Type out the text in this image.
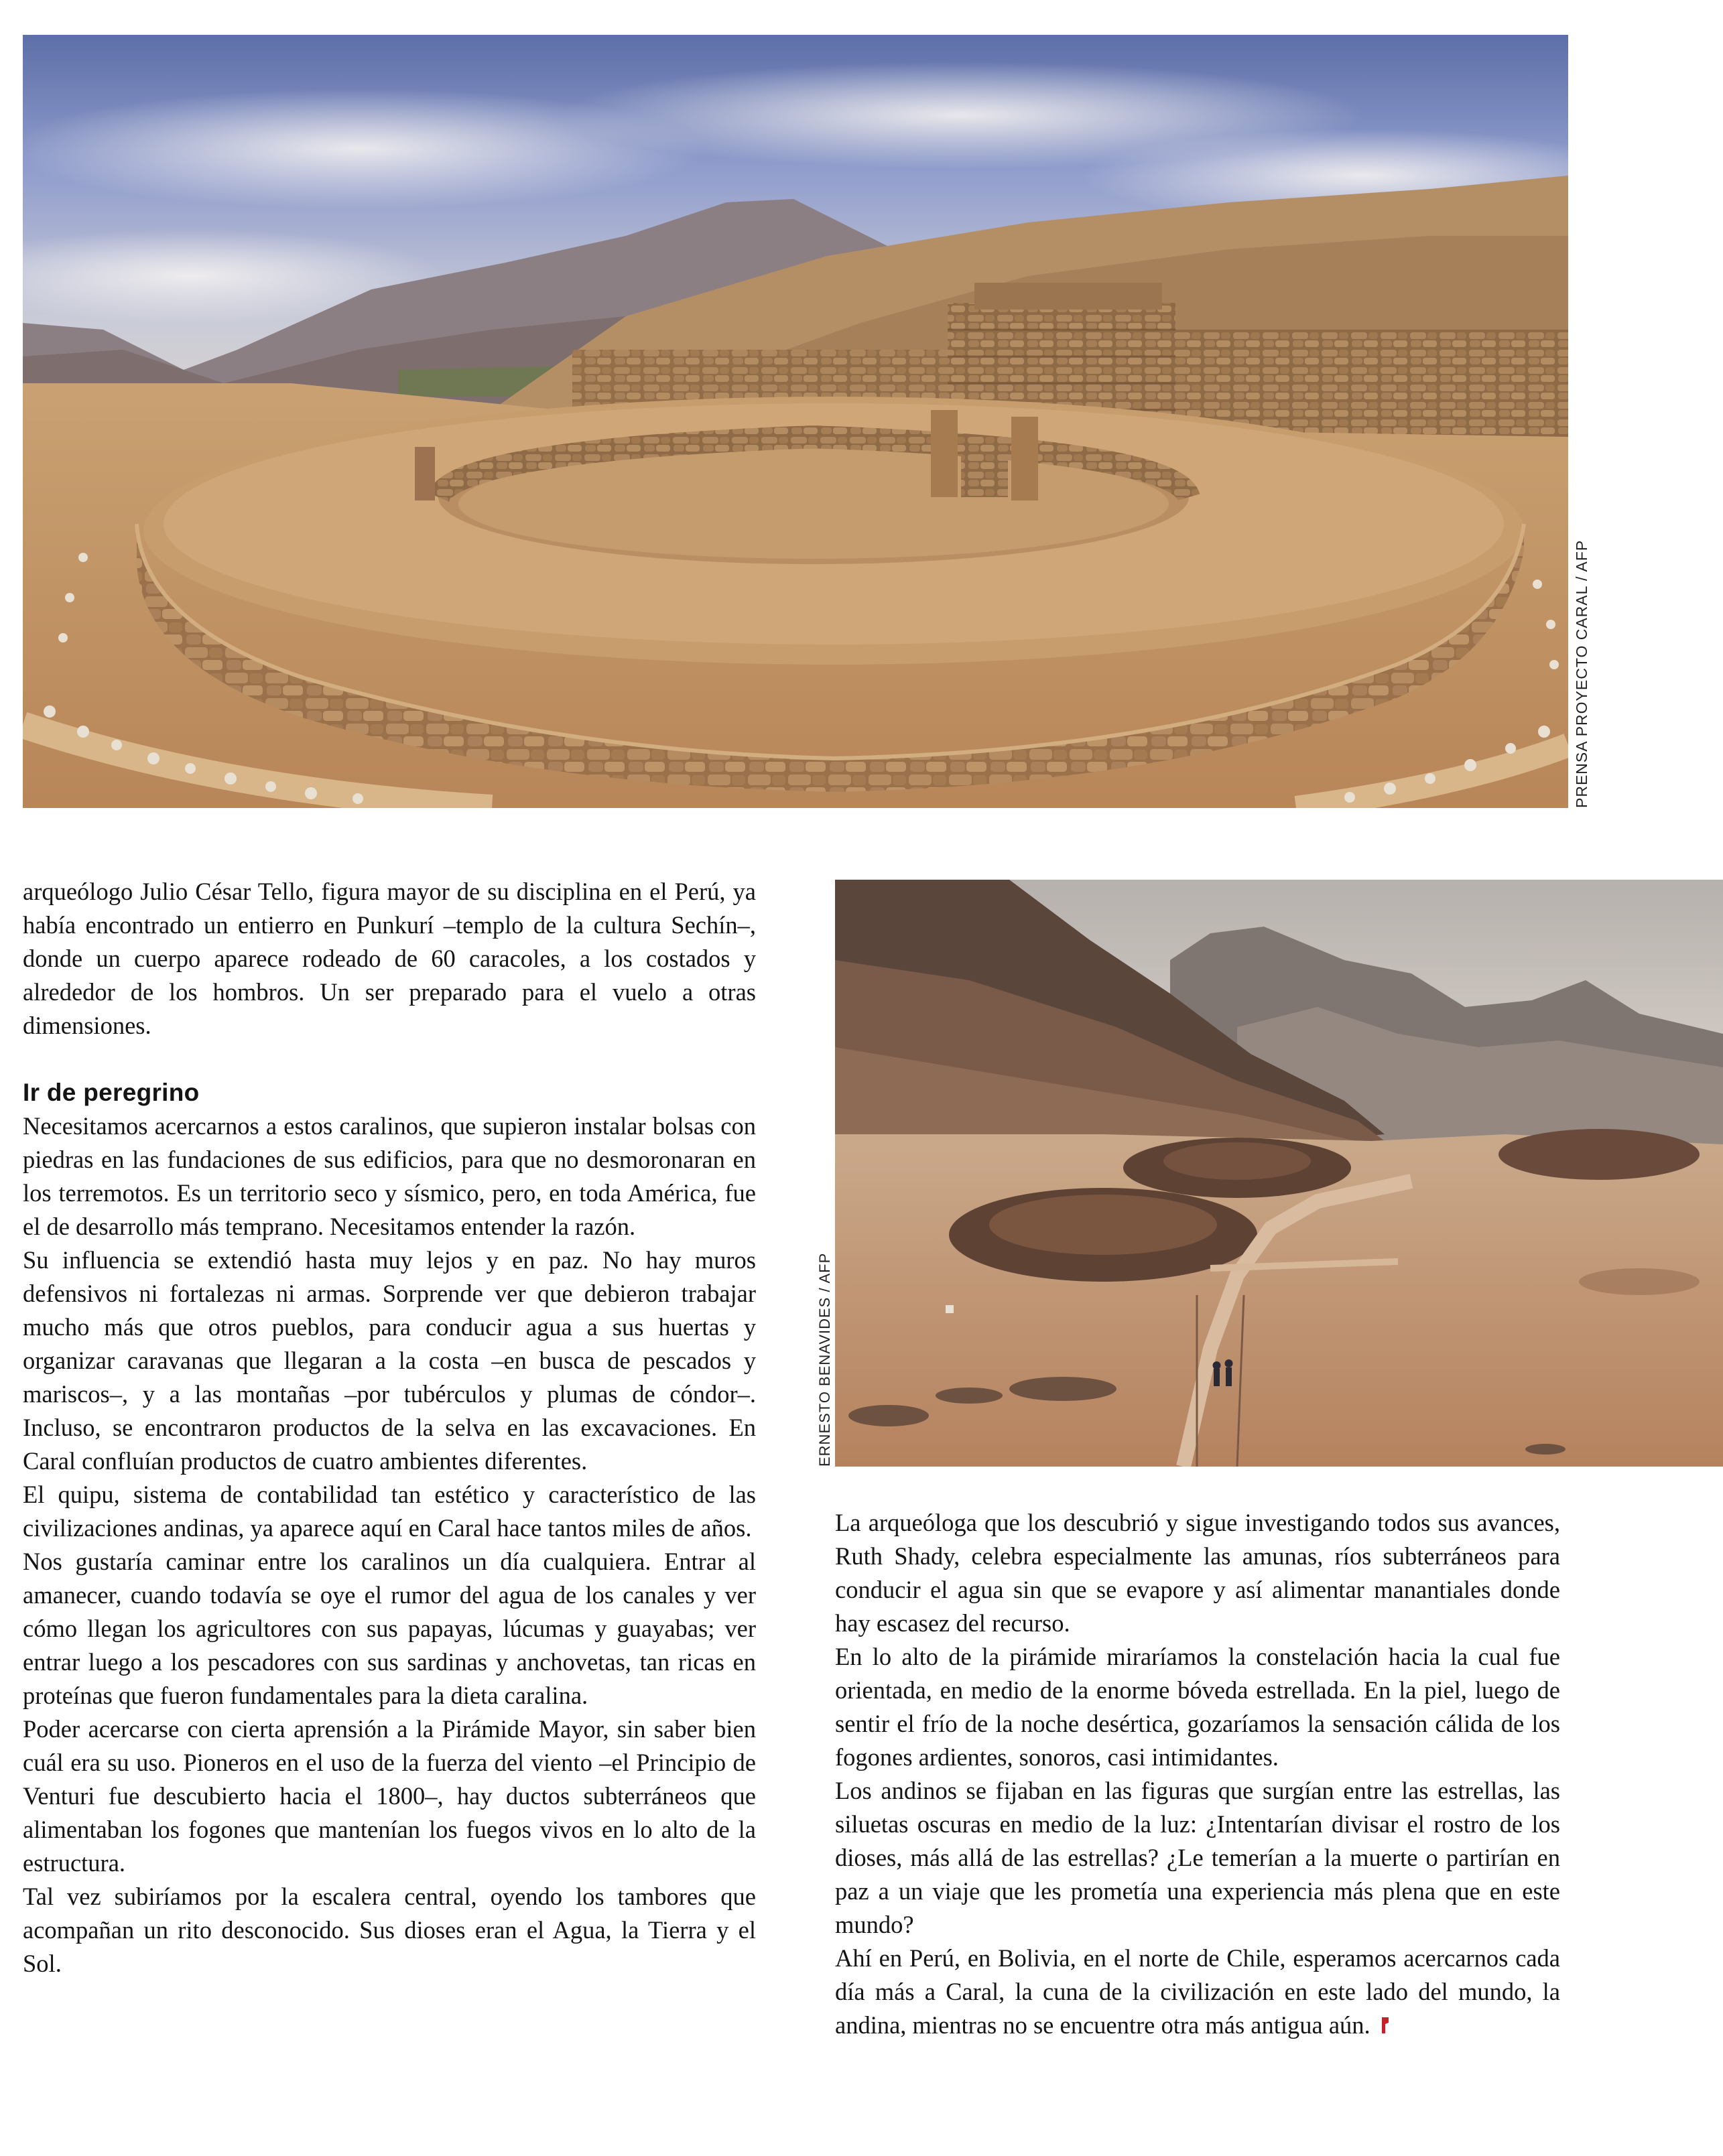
PRENSA PROYECTO CARAL / AFP
ERNESTO BENAVIDES / AFP

arqueólogo Julio César Tello, figura mayor de su disciplina en el Perú, ya había encontrado un entierro en Punkurí –templo de la cultura Sechín–, donde un cuerpo aparece rodeado de 60 caracoles, a los costados y alrededor de los hombros. Un ser preparado para el vuelo a otras dimensiones.

Ir de peregrino

Necesitamos acercarnos a estos caralinos, que supieron instalar bolsas con piedras en las fundaciones de sus edificios, para que no desmoronaran en los terremotos. Es un territorio seco y sísmico, pero, en toda América, fue el de desarrollo más temprano. Necesitamos entender la razón.

Su influencia se extendió hasta muy lejos y en paz. No hay muros defensivos ni fortalezas ni armas. Sorprende ver que debieron trabajar mucho más que otros pueblos, para conducir agua a sus huertas y organizar caravanas que llegaran a la costa –en busca de pescados y mariscos–, y a las montañas –por tubérculos y plumas de cóndor–. Incluso, se encontraron productos de la selva en las excavaciones. En Caral confluían productos de cuatro ambientes diferentes.

El quipu, sistema de contabilidad tan estético y característico de las civilizaciones andinas, ya aparece aquí en Caral hace tantos miles de años.

Nos gustaría caminar entre los caralinos un día cualquiera. Entrar al amanecer, cuando todavía se oye el rumor del agua de los canales y ver cómo llegan los agricultores con sus papayas, lúcumas y guayabas; ver entrar luego a los pescadores con sus sardinas y anchovetas, tan ricas en proteínas que fueron fundamentales para la dieta caralina.

Poder acercarse con cierta aprensión a la Pirámide Mayor, sin saber bien cuál era su uso. Pioneros en el uso de la fuerza del viento –el Principio de Venturi fue descubierto hacia el 1800–, hay ductos subterráneos que alimentaban los fogones que mantenían los fuegos vivos en lo alto de la estructura.

Tal vez subiríamos por la escalera central, oyendo los tambores que acompañan un rito desconocido. Sus dioses eran el Agua, la Tierra y el Sol.

La arqueóloga que los descubrió y sigue investigando todos sus avances, Ruth Shady, celebra especialmente las amunas, ríos subterráneos para conducir el agua sin que se evapore y así alimentar manantiales donde hay escasez del recurso.

En lo alto de la pirámide miraríamos la constelación hacia la cual fue orientada, en medio de la enorme bóveda estrellada. En la piel, luego de sentir el frío de la noche desértica, gozaríamos la sensación cálida de los fogones ardientes, sonoros, casi intimidantes.

Los andinos se fijaban en las figuras que surgían entre las estrellas, las siluetas oscuras en medio de la luz: ¿Intentarían divisar el rostro de los dioses, más allá de las estrellas? ¿Le temerían a la muerte o partirían en paz a un viaje que les prometía una experiencia más plena que en este mundo?

Ahí en Perú, en Bolivia, en el norte de Chile, esperamos acercarnos cada día más a Caral, la cuna de la civilización en este lado del mundo, la andina, mientras no se encuentre otra más antigua aún.
